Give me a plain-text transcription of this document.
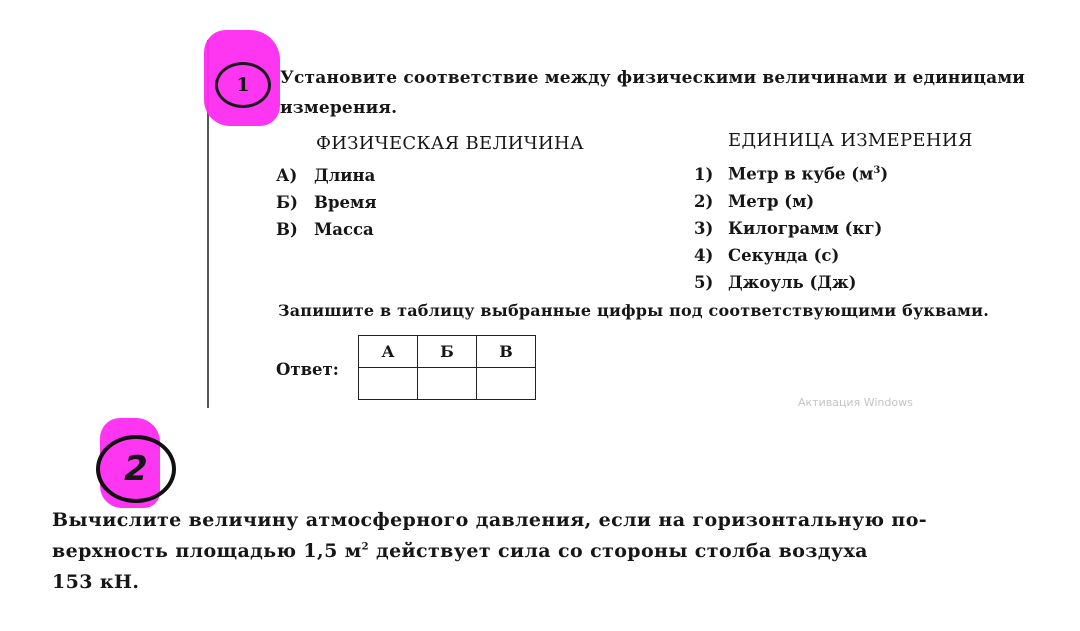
1
2
Установите соответствие между физическими величинами и единицами
измерения.
ФИЗИЧЕСКАЯ ВЕЛИЧИНА	ЕДИНИЦА ИЗМЕРЕНИЯ
А) Длина
Б) Время
В) Масса
1) Метр в кубе $(м^3)$
2) Метр (м)
3) Килограмм (кг)
4) Секунда (с)
5) Джоуль (Дж)
Запишите в таблицу выбранные цифры под соответствующими буквами.
Ответ:
А	Б	В

Активация Windows
Вычислите величину атмосферного давления, если на горизонтальную по-
верхность площадью 1,5 $м^2$ действует сила со стороны столба воздуха
153 кН.
